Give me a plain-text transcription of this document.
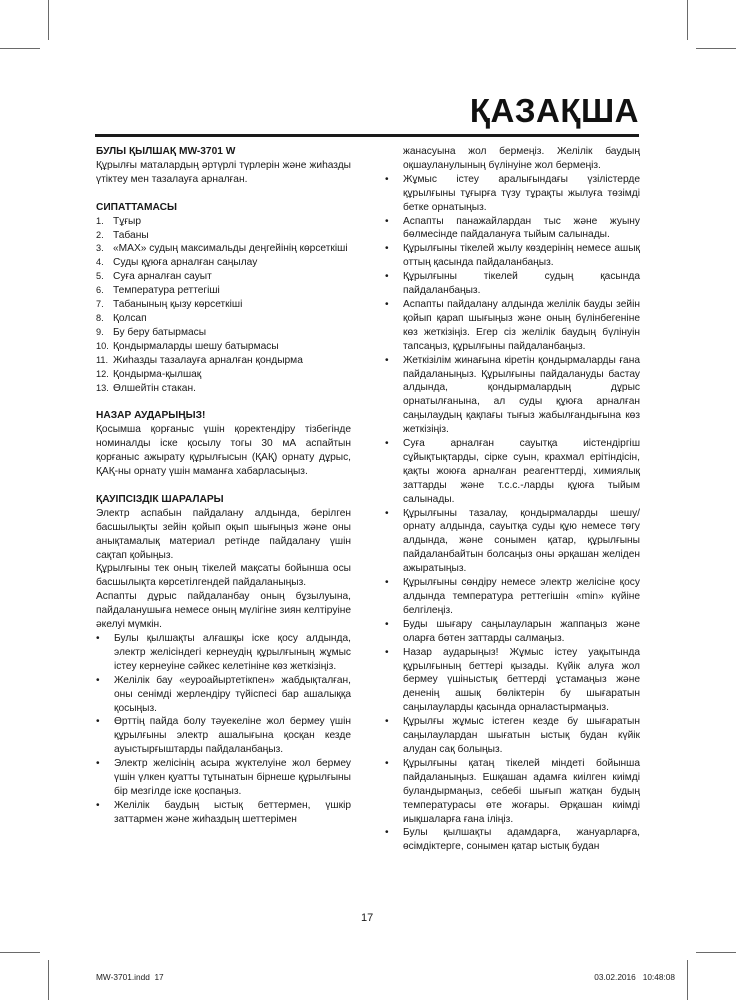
ҚАЗАҚША
БУЛЫ ҚЫЛШАҚ MW-3701 W
Құрылғы маталардың әртүрлі түрлерін және жиһазды үтіктеу мен тазалауға арналған.
СИПАТТАМАСЫ
1. Тұғыр
2. Табаны
3. «MAX» судың максимальды деңгейінің көрсеткіші
4. Суды құюға арналған саңылау
5. Суға арналған сауыт
6. Температура реттегіші
7. Табанының қызу көрсеткіші
8. Қолсап
9. Бу беру батырмасы
10. Қондырмаларды шешу батырмасы
11. Жиһазды тазалауға арналған қондырма
12. Қондырма-қылшақ
13. Өлшейтін стакан.
НАЗАР АУДАРЫҢЫЗ!
Қосымша қорғаныс үшін қоректендіру тізбегінде номиналды іске қосылу тогы 30 мА аспайтын қорғаныс ажырату құрылғысын (ҚАҚ) орнату дұрыс, ҚАҚ-ны орнату үшін маманға хабарласыңыз.
ҚАУІПСІЗДІК ШАРАЛАРЫ
Электр аспабын пайдалану алдында, берілген басшылықты зейін қойып оқып шығыңыз және оны анықтамалық материал ретінде пайдалану үшін сақтап қойыңыз.
Құрылғыны тек оның тікелей мақсаты бойынша осы басшылықта көрсетілгендей пайдаланыңыз.
Аспапты дұрыс пайдаланбау оның бұзылуына, пайдаланушыға немесе оның мүлігіне зиян келтіруіне әкелуі мүмкін.
•	Булы қылшақты алғашқы іске қосу алдында, электр желісіндегі кернеудің құрылғының жұмыс істеу кернеуіне сәйкес келетініне көз жеткізіңіз.
•	Желілік бау «еуроайыртетікпен» жабдықталған, оны сенімді жерлендіру түйіспесі бар ашалыққа қосыңыз.
•	Өрттің пайда болу тәуекеліне жол бермеу үшін құрылғыны электр ашалығына қосқан кезде ауыстырғыштарды пайдаланбаңыз.
•	Электр желісінің асыра жүктелуіне жол бермеу үшін үлкен қуатты тұтынатын бірнеше құрылғыны бір мезгілде іске қоспаңыз.
•	Желілік баудың ыстық беттермен, үшкір заттармен және жиһаздың шеттерімен
жанасуына жол бермеңіз. Желілік баудың оқшауланулының бүлінуіне жол бермеңіз.
•	Жұмыс істеу аралығындағы үзілістерде құрылғыны тұғырға түзу тұрақты жылуға төзімді бетке орнатыңыз.
•	Аспапты панажайлардан тыс және жуыну бөлмесінде пайдалануға тыйым салынады.
•	Құрылғыны тікелей жылу көздерінің немесе ашық оттың қасында пайдаланбаңыз.
•	Құрылғыны тікелей судың қасында пайдаланбаңыз.
•	Аспапты пайдалану алдында желілік бауды зейін қойып қарап шығыңыз және оның бүлінбегеніне көз жеткізіңіз. Егер сіз желілік баудың бүлінуін тапсаңыз, құрылғыны пайдаланбаңыз.
•	Жеткізілім жинағына кіретін қондырмаларды ғана пайдаланыңыз. Құрылғыны пайдалануды бастау алдында, қондырмалардың дұрыс орнатылғанына, ал суды құюға арналған саңылаудың қақпағы тығыз жабылғандығына көз жеткізіңіз.
•	Суға арналған сауытқа иістендіргіш сұйықтықтарды, сірке суын, крахмал ерітіндісін, қақты жоюға арналған реагенттерді, химиялық заттарды және т.с.с.-ларды құюға тыйым салынады.
•	Құрылғыны тазалау, қондырмаларды шешу/орнату алдында, сауытқа суды құю немесе төгу алдында, және сонымен қатар, құрылғыны пайдаланбайтын болсаңыз оны әрқашан желіден ажыратыңыз.
•	Құрылғыны сөндіру немесе электр желісіне қосу алдында температура реттегішін «min» күйіне белгілеңіз.
•	Буды шығару саңылауларын жаппаңыз және оларға бөтен заттарды салмаңыз.
•	Назар аударыңыз! Жұмыс істеу уақытында құрылғының беттері қызады. Күйік алуға жол бермеу үшіныстық беттерді ұстамаңыз және дененің ашық бөліктерін бу шығаратын саңылауларды қасында орналастырмаңыз.
•	Құрылғы жұмыс істеген кезде бу шығаратын саңылаулардан шығатын ыстық будан күйік алудан сақ болыңыз.
•	Құрылғыны қатаң тікелей міндеті бойынша пайдаланыңыз. Ешқашан адамға киілген киімді буландырмаңыз, себебі шығып жатқан будың температурасы өте жоғары. Әрқашан киімді иықшаларға ғана іліңіз.
•	Булы қылшақты адамдарға, жануарларға, өсімдіктерге, сонымен қатар ыстық будан
17
MW-3701.indd 17	03.02.2016 10:48:08
